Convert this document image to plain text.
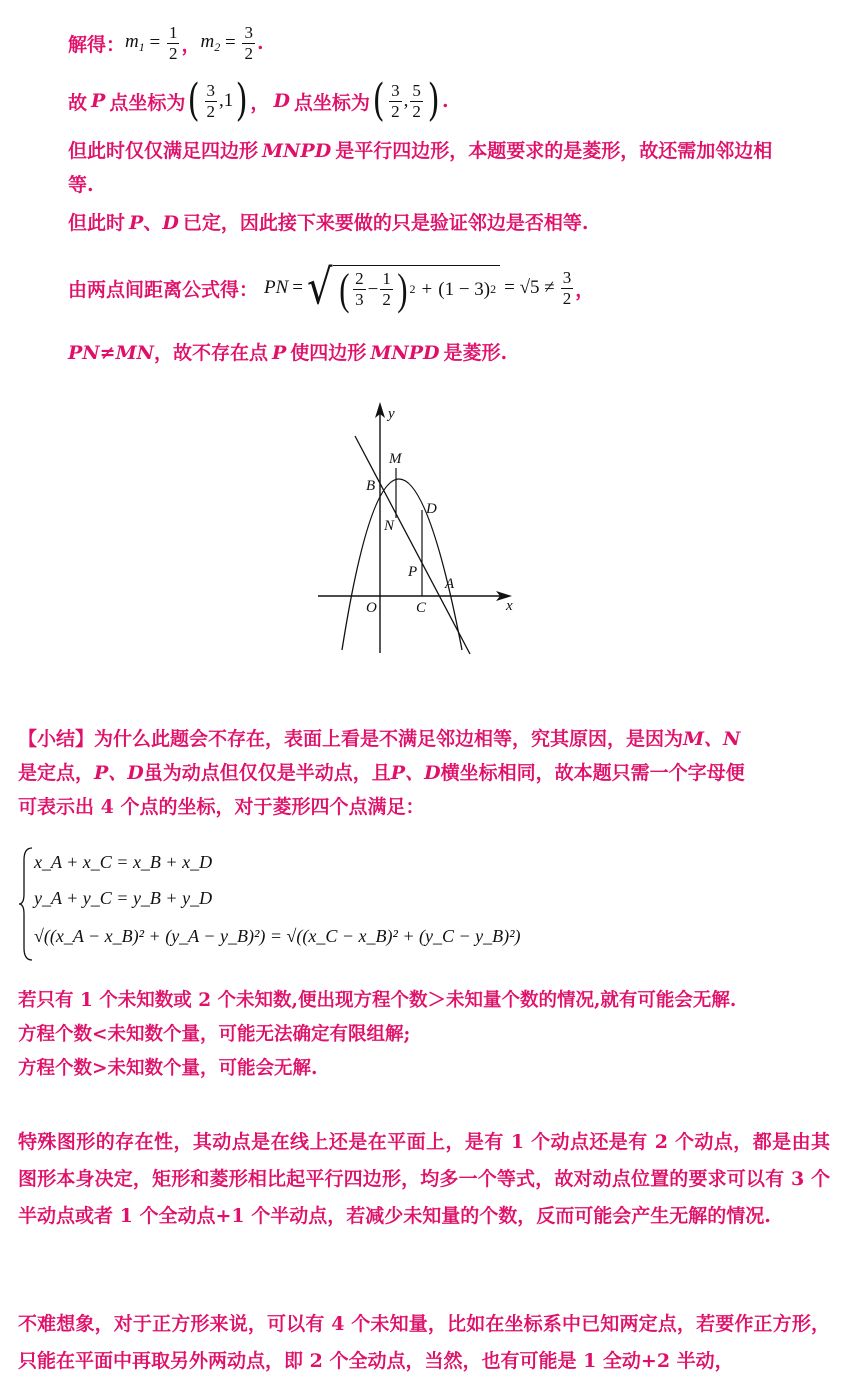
解得： $m_1 = \frac{1}{2}$ ， $m_2 = \frac{3}{2}$ .
故 P 点坐标为 ( $\frac{3}{2} ,1$ ) ， D 点坐标为 ( $\frac{3}{2}$ , $\frac{5}{2}$ ) .
但此时仅仅满足四边形 MNPD 是平行四边形，本题要求的是菱形，故还需加邻边相
等.
但此时 P、D 已定，因此接下来要做的只是验证邻边是否相等.
由两点间距离公式得： PN = √ ( $\frac{2}{3} - \frac{1}{2}$ ) 2 + (1 − 3) $2 = √5 \ne \frac{3}{2}$ ，
PN≠MN，故不存在点 P 使四边形 MNPD 是菱形.
y
x
M
B
D
N
P
A
O	C
【小结】为什么此题会不存在，表面上看是不满足邻边相等，究其原因，是因为M、N
是定点，P、D虽为动点但仅仅是半动点，且P、D横坐标相同，故本题只需一个字母便
可表示出 4 个点的坐标，对于菱形四个点满足：
x_A + x_C = x_B + x_D
y_A + y_C = y_B + y_D
√((x_A − x_B)² + (y_A − y_B)²) = √((x_C − x_B)² + (y_C − y_B)²)
若只有 1 个未知数或 2 个未知数,便出现方程个数＞未知量个数的情况,就有可能会无解.
方程个数<未知数个量，可能无法确定有限组解;
方程个数>未知数个量，可能会无解.
特殊图形的存在性，其动点是在线上还是在平面上，是有 1 个动点还是有 2 个动点，都是由其图形本身决定，矩形和菱形相比起平行四边形，均多一个等式，故对动点位置的要求可以有 3 个半动点或者 1 个全动点+1 个半动点，若减少未知量的个数，反而可能会产生无解的情况.
不难想象，对于正方形来说，可以有 4 个未知量，比如在坐标系中已知两定点，若要作正方形，只能在平面中再取另外两动点，即 2 个全动点，当然，也有可能是 1 全动+2 半动，
